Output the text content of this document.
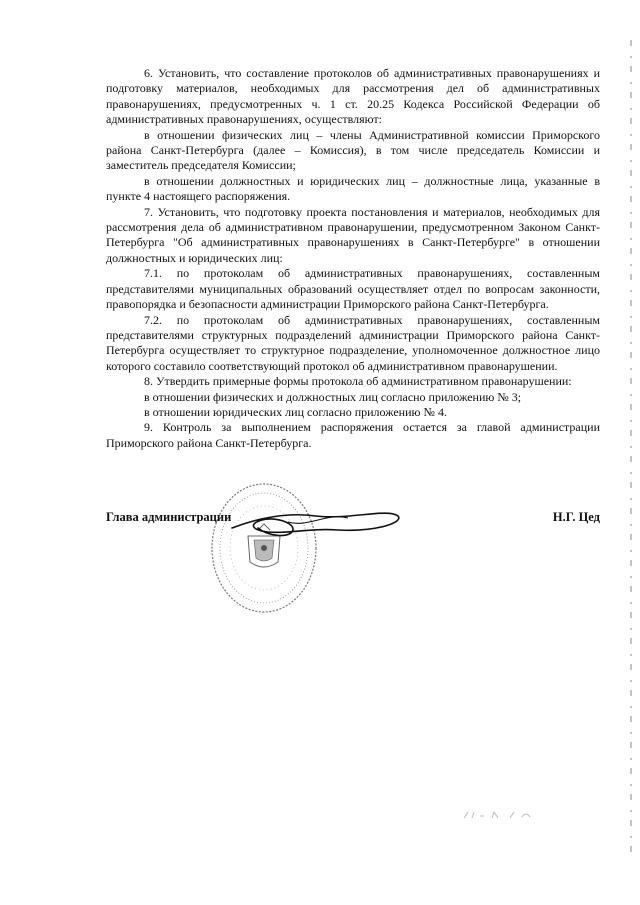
6. Установить, что составление протоколов об административных правонарушениях и подготовку материалов, необходимых для рассмотрения дел об административных правонарушениях, предусмотренных ч. 1 ст. 20.25 Кодекса Российской Федерации об административных правонарушениях, осуществляют:

в отношении физических лиц – члены Административной комиссии Приморского района Санкт-Петербурга (далее – Комиссия), в том числе председатель Комиссии и заместитель председателя Комиссии;

в отношении должностных и юридических лиц – должностные лица, указанные в пункте 4 настоящего распоряжения.

7. Установить, что подготовку проекта постановления и материалов, необходимых для рассмотрения дела об административном правонарушении, предусмотренном Законом Санкт-Петербурга "Об административных правонарушениях в Санкт-Петербурге" в отношении должностных и юридических лиц:

7.1. по протоколам об административных правонарушениях, составленным представителями муниципальных образований осуществляет отдел по вопросам законности, правопорядка и безопасности администрации Приморского района Санкт-Петербурга.

7.2. по протоколам об административных правонарушениях, составленным представителями структурных подразделений администрации Приморского района Санкт-Петербурга осуществляет то структурное подразделение, уполномоченное должностное лицо которого составило соответствующий протокол об административном правонарушении.

8. Утвердить примерные формы протокола об административном правонарушении:

в отношении физических и должностных лиц согласно приложению № 3;

в отношении юридических лиц согласно приложению № 4.

9. Контроль за выполнением распоряжения остается за главой администрации Приморского района Санкт-Петербурга.

Глава администрации	Н.Г. Цед
